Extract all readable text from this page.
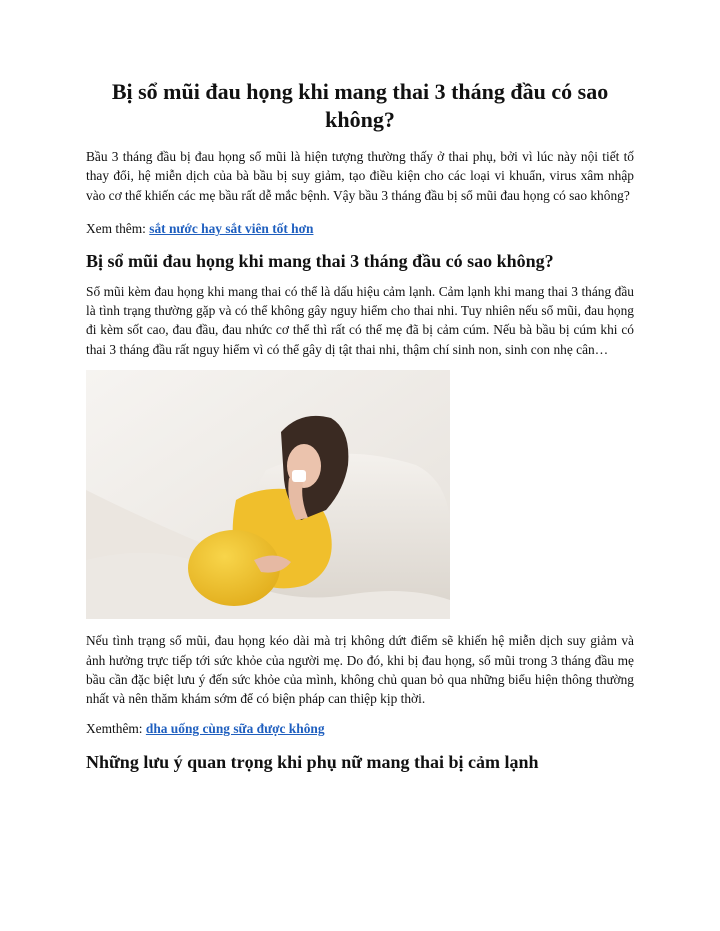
Bị sổ mũi đau họng khi mang thai 3 tháng đầu có sao không?

Bầu 3 tháng đầu bị đau họng sổ mũi là hiện tượng thường thấy ở thai phụ, bởi vì lúc này nội tiết tố thay đổi, hệ miễn dịch của bà bầu bị suy giảm, tạo điều kiện cho các loại vi khuẩn, virus xâm nhập vào cơ thể khiến các mẹ bầu rất dễ mắc bệnh. Vậy bầu 3 tháng đầu bị sổ mũi đau họng có sao không?

Xem thêm: sắt nước hay sắt viên tốt hơn
Bị sổ mũi đau họng khi mang thai 3 tháng đầu có sao không?

Sổ mũi kèm đau họng khi mang thai có thể là dấu hiệu cảm lạnh. Cảm lạnh khi mang thai 3 tháng đầu là tình trạng thường gặp và có thể không gây nguy hiểm cho thai nhi. Tuy nhiên nếu sổ mũi, đau họng đi kèm sốt cao, đau đầu, đau nhức cơ thể thì rất có thể mẹ đã bị cảm cúm. Nếu bà bầu bị cúm khi có thai 3 tháng đầu rất nguy hiểm vì có thể gây dị tật thai nhi, thậm chí sinh non, sinh con nhẹ cân…

Nếu tình trạng sổ mũi, đau họng kéo dài mà trị không dứt điểm sẽ khiến hệ miễn dịch suy giảm và ảnh hưởng trực tiếp tới sức khỏe của người mẹ. Do đó, khi bị đau họng, sổ mũi trong 3 tháng đầu mẹ bầu cần đặc biệt lưu ý đến sức khỏe của mình, không chủ quan bỏ qua những biểu hiện thông thường nhất và nên thăm khám sớm để có biện pháp can thiệp kịp thời.

Xemthêm: dha uống cùng sữa được không
Những lưu ý quan trọng khi phụ nữ mang thai bị cảm lạnh
